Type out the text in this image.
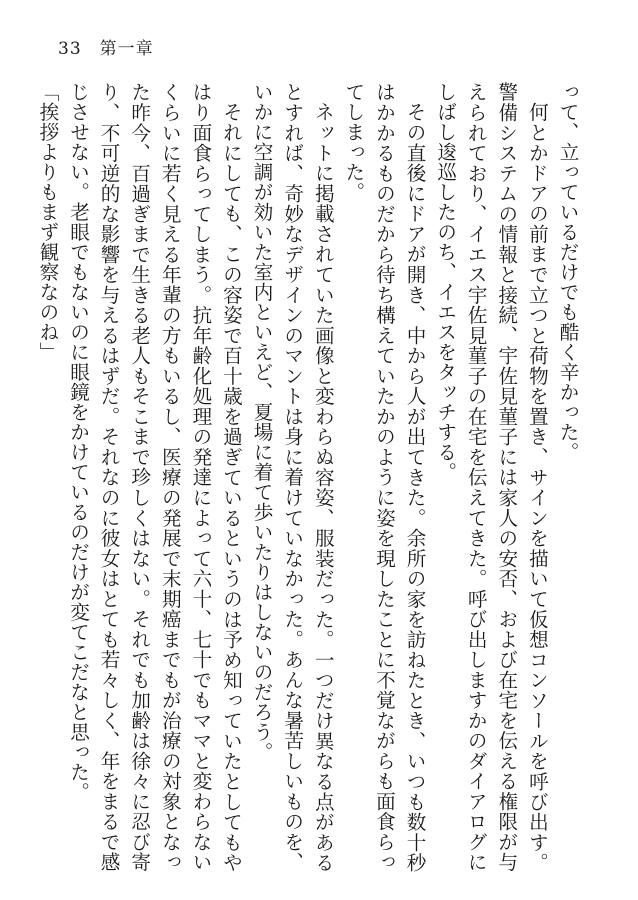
33 第一章

って、立っているだけでも酷く辛かった。

何とかドアの前まで立つと荷物を置き、サインを描いて仮想コンソールを呼び出す。警備システムの情報と接続、宇佐見菫子には家人の安否、および在宅を伝える権限が与えられており、イエス宇佐見菫子の在宅を伝えてきた。呼び出しますかのダイアログにしばし逡巡したのち、イエスをタッチする。

その直後にドアが開き、中から人が出てきた。余所の家を訪ねたとき、いつも数十秒はかかるものだから待ち構えていたかのように姿を現したことに不覚ながらも面食らってしまった。

ネットに掲載されていた画像と変わらぬ容姿、服装だった。一つだけ異なる点があるとすれば、奇妙なデザインのマントは身に着けていなかった。あんな暑苦しいものを、いかに空調が効いた室内といえど、夏場に着て歩いたりはしないのだろう。

それにしても、この容姿で百十歳を過ぎているというのは予め知っていたとしてもやはり面食らってしまう。抗年齢化処理の発達によって六十、七十でもママと変わらないくらいに若く見える年輩の方もいるし、医療の発展で末期癌までもが治療の対象となった昨今、百過ぎまで生きる老人もそこまで珍しくはない。それでも加齢は徐々に忍び寄り、不可逆的な影響を与えるはずだ。それなのに彼女はとても若々しく、年をまるで感じさせない。老眼でもないのに眼鏡をかけているのだけが変てこだなと思った。

「挨拶よりもまず観察なのね」
